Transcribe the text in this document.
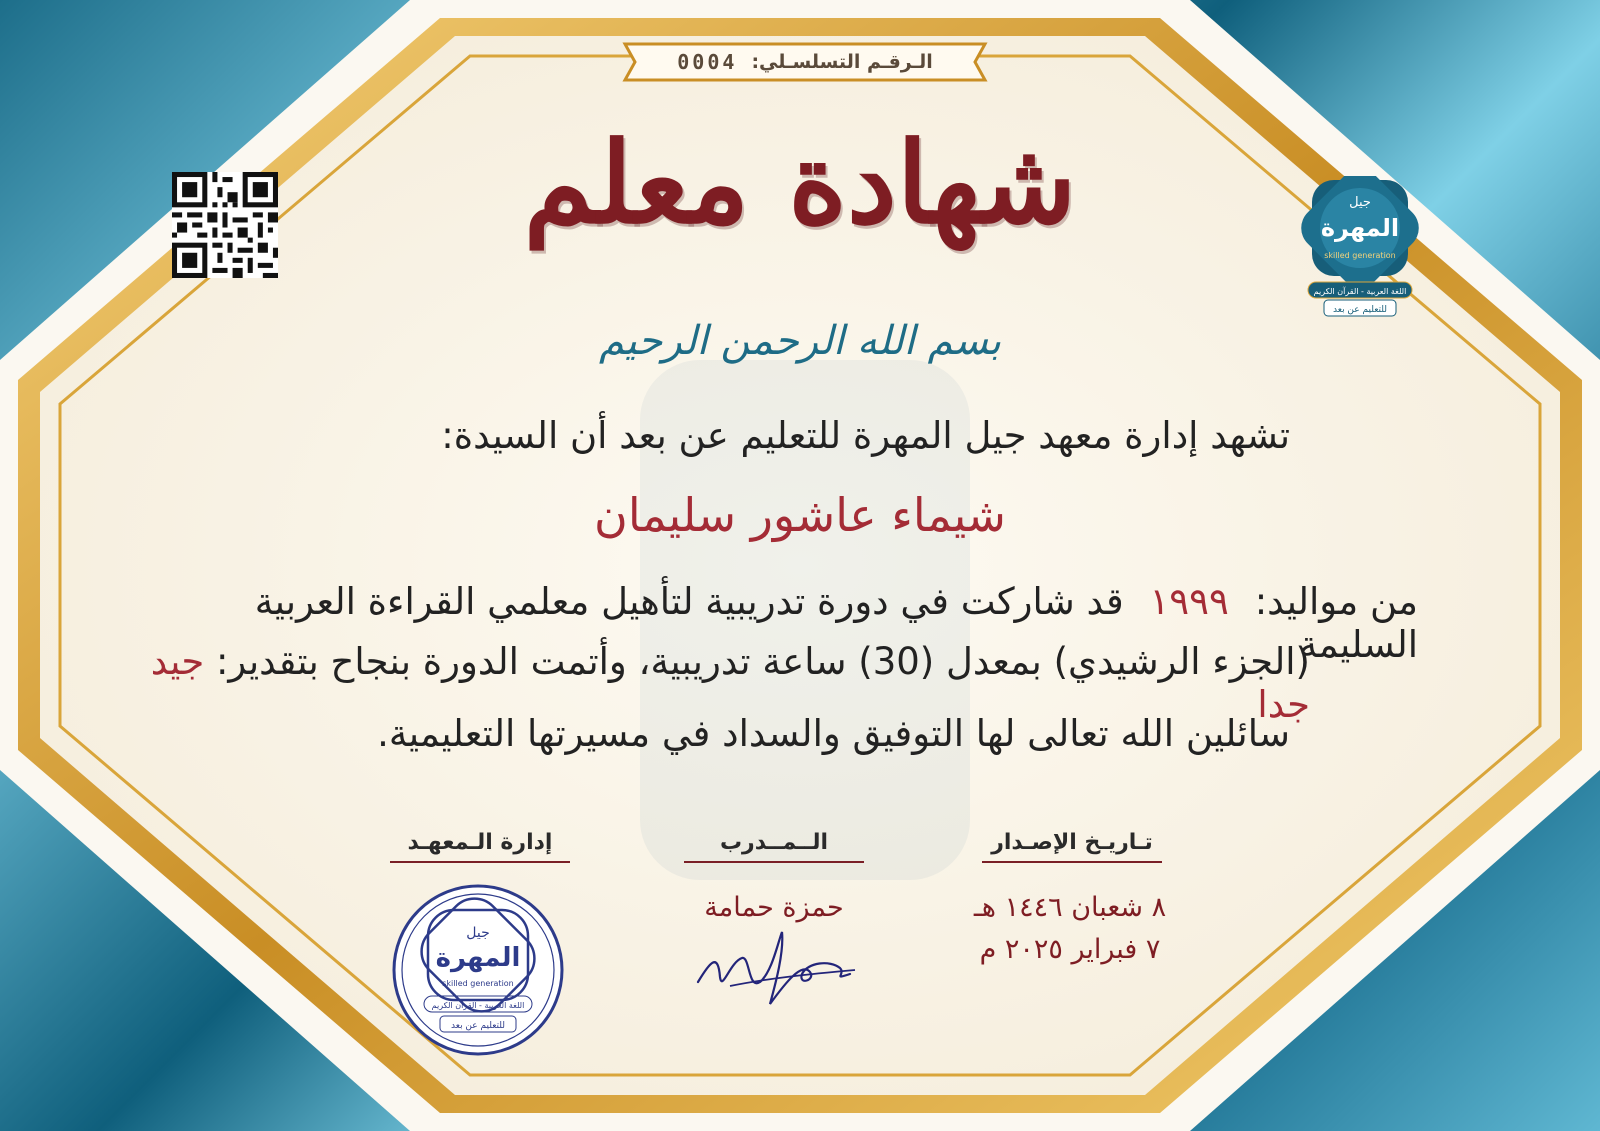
الـرقـم التسلسـلي:
0004
جيل
المهرة
skilled generation
اللغة العربية - القرآن الكريم
للتعليم عن بعد
شهادة معلم
بسم الله الرحمن الرحيم
تشهد إدارة معهد جيل المهرة للتعليم عن بعد أن السيدة:
شيماء عاشور سليمان
من مواليد: ١٩٩٩ قد شاركت في دورة تدريبية لتأهيل معلمي القراءة العربية السليمة
(الجزء الرشيدي) بمعدل (30) ساعة تدريبية، وأتمت الدورة بنجاح بتقدير: جيد جدا
سائلين الله تعالى لها التوفيق والسداد في مسيرتها التعليمية.
تـاريـخ الإصـدار
٨ شعبان ١٤٤٦ هـ
٧ فبراير ٢٠٢٥ م
الــمــدرب
حمزة حمامة
إدارة الـمعهـد
جيل
المهرة
skilled generation
اللغة العربية - القرآن الكريم
للتعليم عن بعد
